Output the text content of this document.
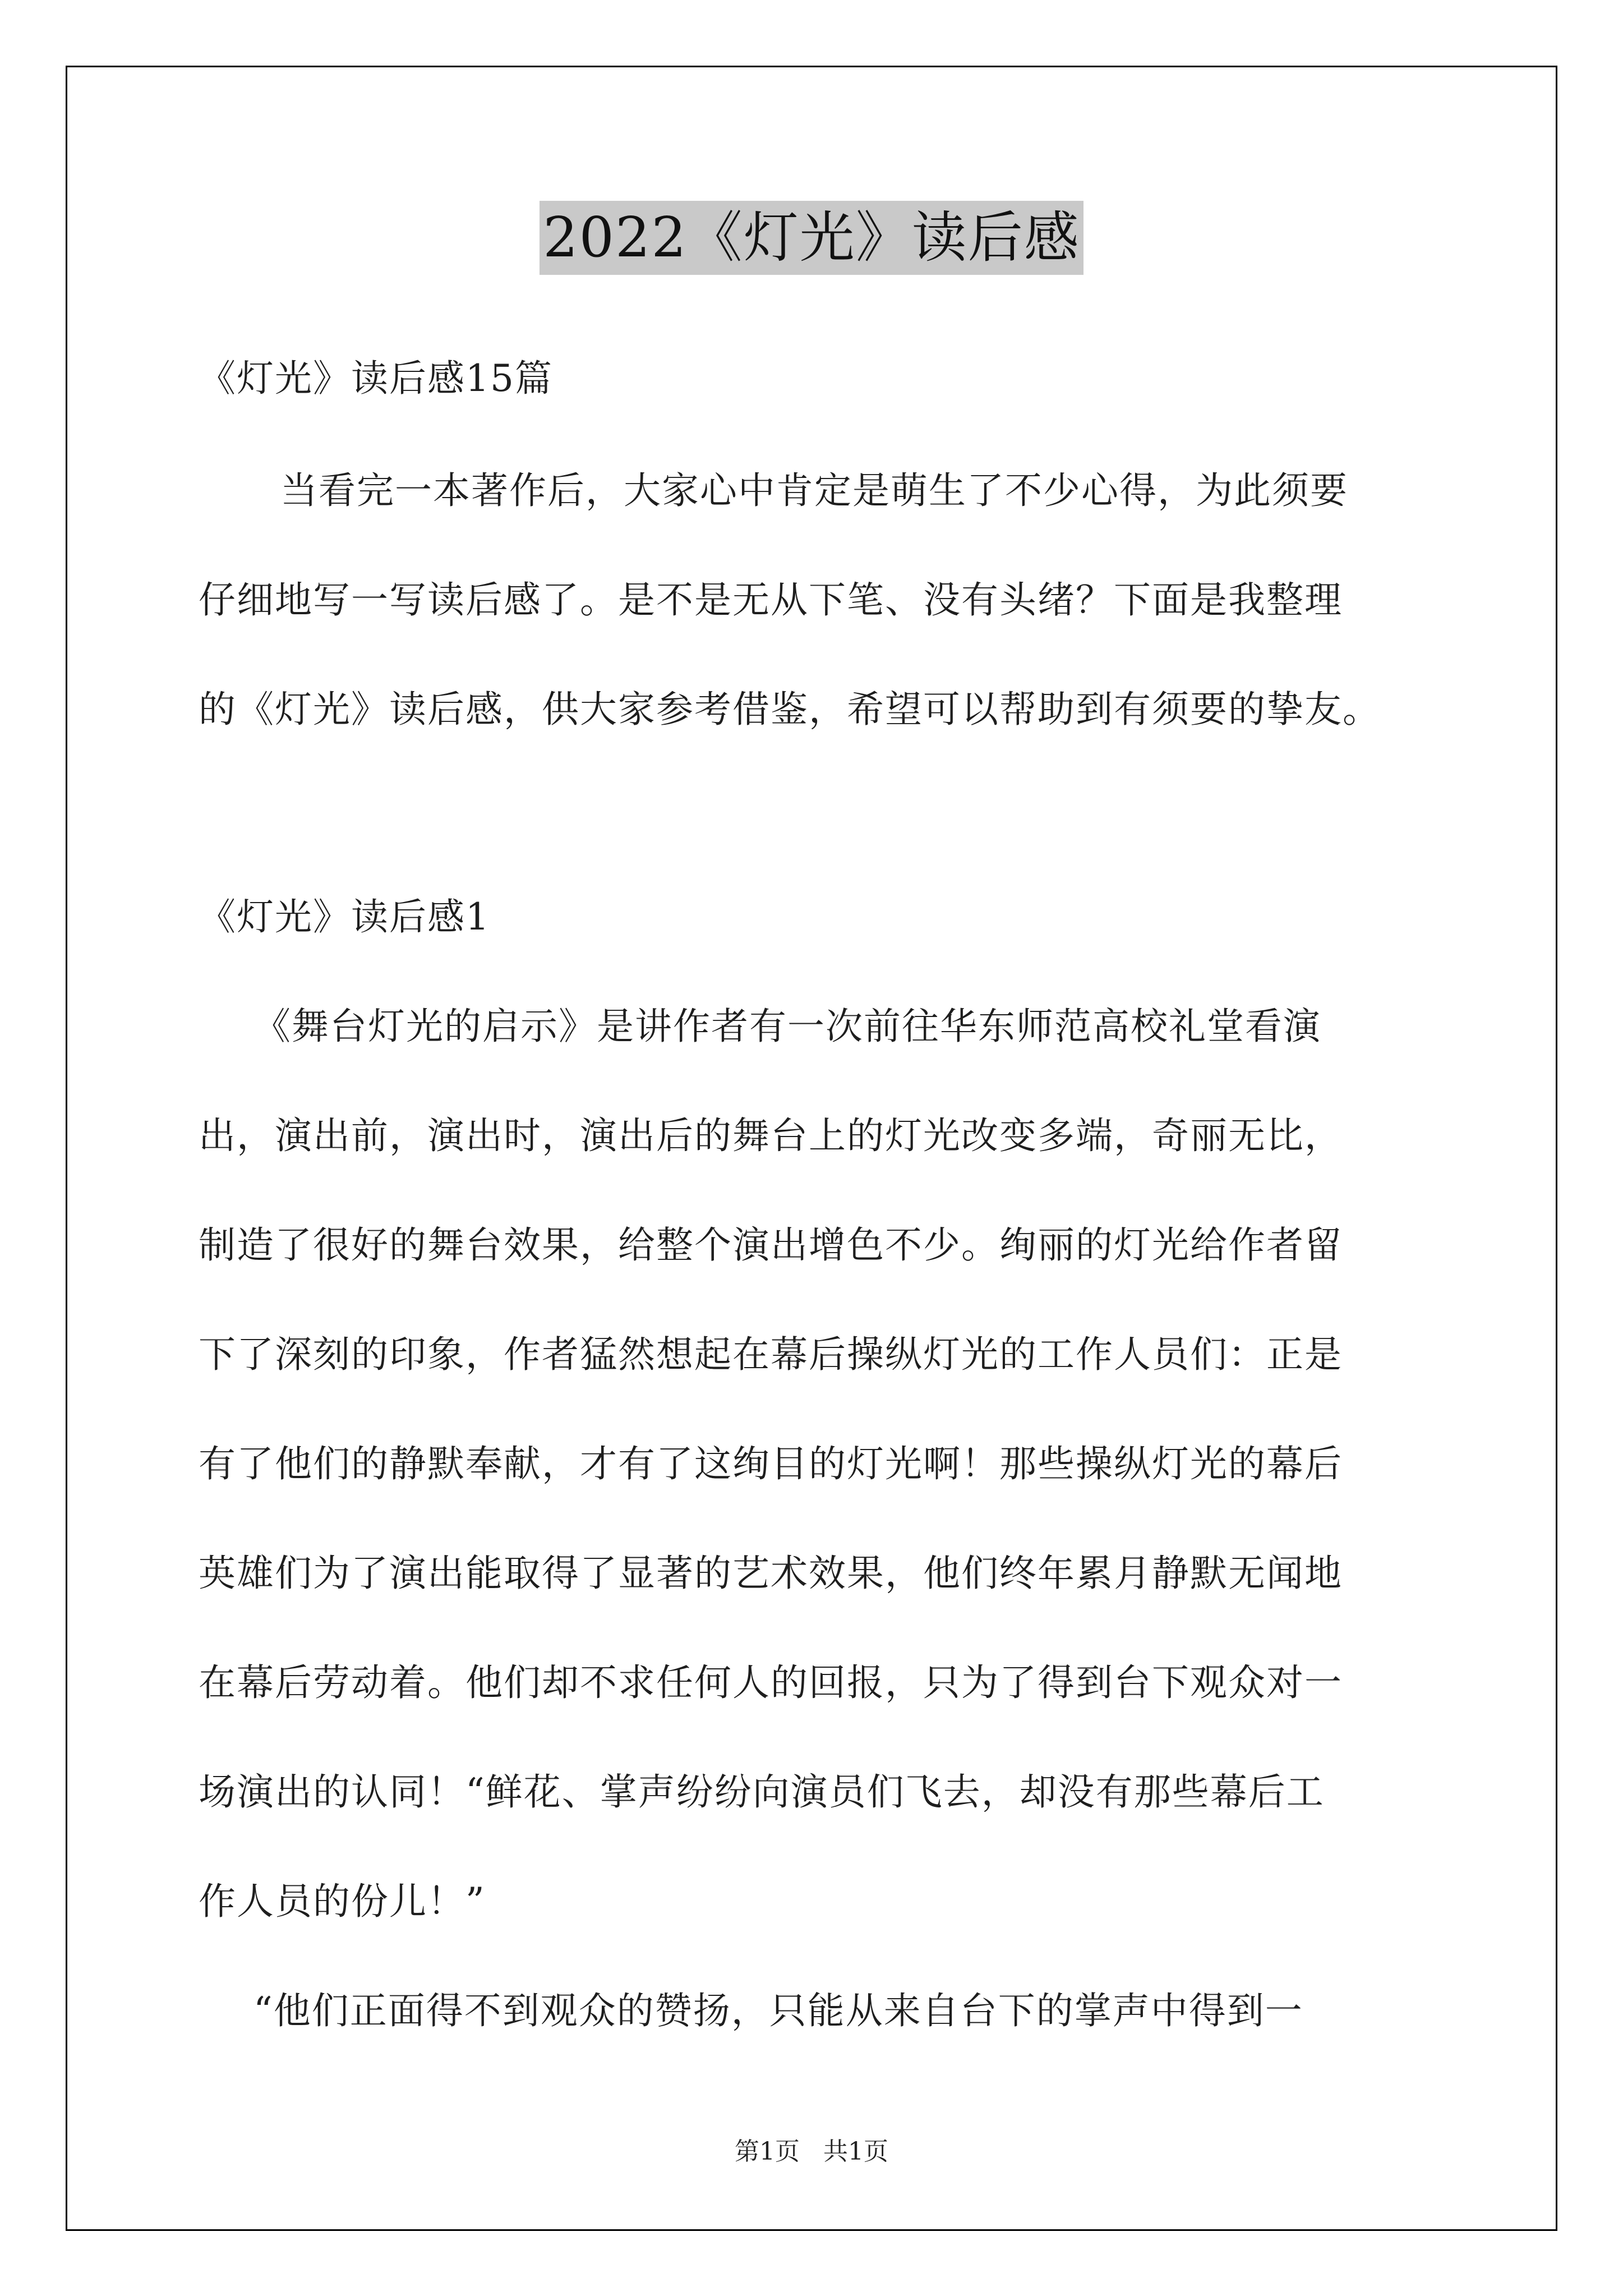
2022《灯光》读后感
《灯光》读后感15篇
当看完一本著作后，大家心中肯定是萌生了不少心得，为此须要
仔细地写一写读后感了。是不是无从下笔、没有头绪？下面是我整理
的《灯光》读后感，供大家参考借鉴，希望可以帮助到有须要的挚友。
《灯光》读后感1
《舞台灯光的启示》是讲作者有一次前往华东师范高校礼堂看演
出，演出前，演出时，演出后的舞台上的灯光改变多端，奇丽无比，
制造了很好的舞台效果，给整个演出增色不少。绚丽的灯光给作者留
下了深刻的印象，作者猛然想起在幕后操纵灯光的工作人员们：正是
有了他们的静默奉献，才有了这绚目的灯光啊！那些操纵灯光的幕后
英雄们为了演出能取得了显著的艺术效果，他们终年累月静默无闻地
在幕后劳动着。他们却不求任何人的回报，只为了得到台下观众对一
场演出的认同！“鲜花、掌声纷纷向演员们飞去，却没有那些幕后工
作人员的份儿！”
“他们正面得不到观众的赞扬，只能从来自台下的掌声中得到一
第1页 共1页
